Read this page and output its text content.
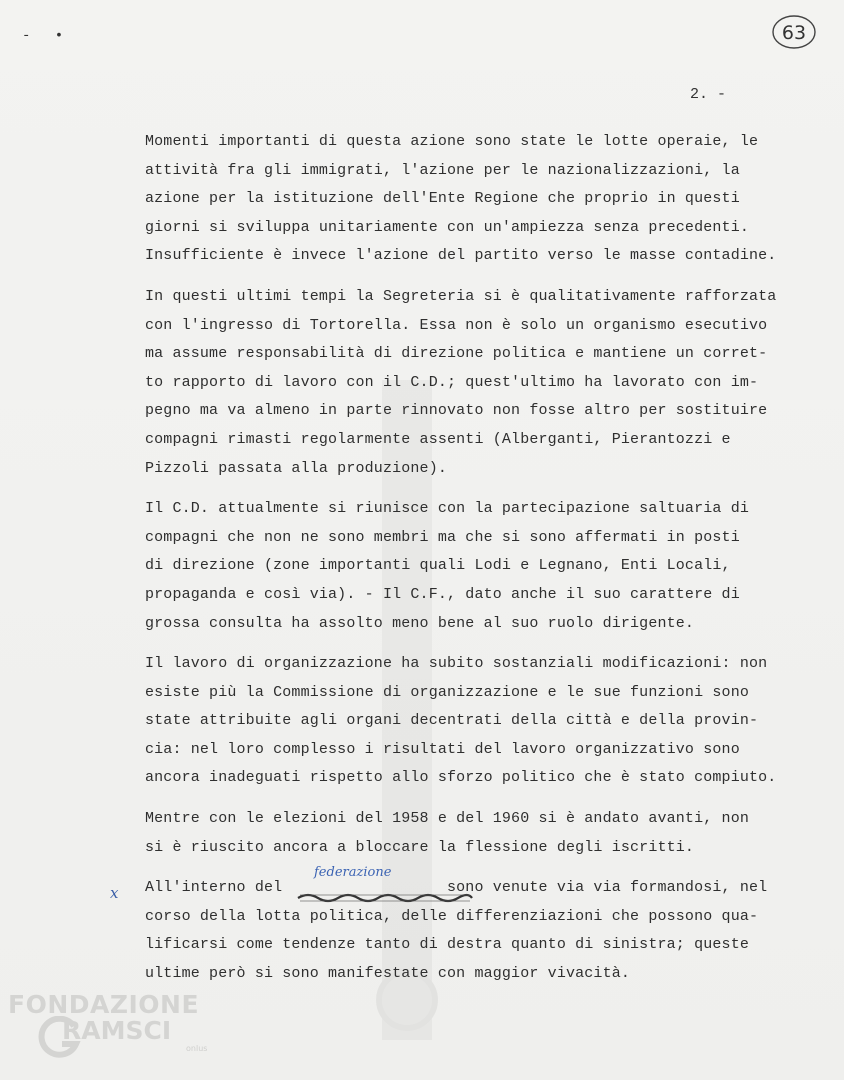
- •	63
2. -
Momenti importanti di questa azione sono state le lotte operaie, le
attività fra gli immigrati, l'azione per le nazionalizzazioni, la
azione per la istituzione dell'Ente Regione che proprio in questi
giorni si sviluppa unitariamente con un'ampiezza senza precedenti.
Insufficiente è invece l'azione del partito verso le masse contadine.
In questi ultimi tempi la Segreteria si è qualitativamente rafforzata
con l'ingresso di Tortorella. Essa non è solo un organismo esecutivo
ma assume responsabilità di direzione politica e mantiene un corret-
to rapporto di lavoro con il C.D.; quest'ultimo ha lavorato con im-
pegno ma va almeno in parte rinnovato non fosse altro per sostituire
compagni rimasti regolarmente assenti (Alberganti, Pierantozzi e
Pizzoli passata alla produzione).
Il C.D. attualmente si riunisce con la partecipazione saltuaria di
compagni che non ne sono membri ma che si sono affermati in posti
di direzione (zone importanti quali Lodi e Legnano, Enti Locali,
propaganda e così via). - Il C.F., dato anche il suo carattere di
grossa consulta ha assolto meno bene al suo ruolo dirigente.
Il lavoro di organizzazione ha subito sostanziali modificazioni: non
esiste più la Commissione di organizzazione e le sue funzioni sono
state attribuite agli organi decentrati della città e della provin-
cia: nel loro complesso i risultati del lavoro organizzativo sono
ancora inadeguati rispetto allo sforzo politico che è stato compiuto.
Mentre con le elezioni del 1958 e del 1960 si è andato avanti, non
si è riuscito ancora a bloccare la flessione degli iscritti.
All'interno del                  sono venute via via formandosi, nel
corso della lotta politica, delle differenziazioni che possono qua-
lificarsi come tendenze tanto di destra quanto di sinistra; queste
ultime però si sono manifestate con maggior vivacità.
x
federazione
FONDAZIONE
RAMSCI
onlus
